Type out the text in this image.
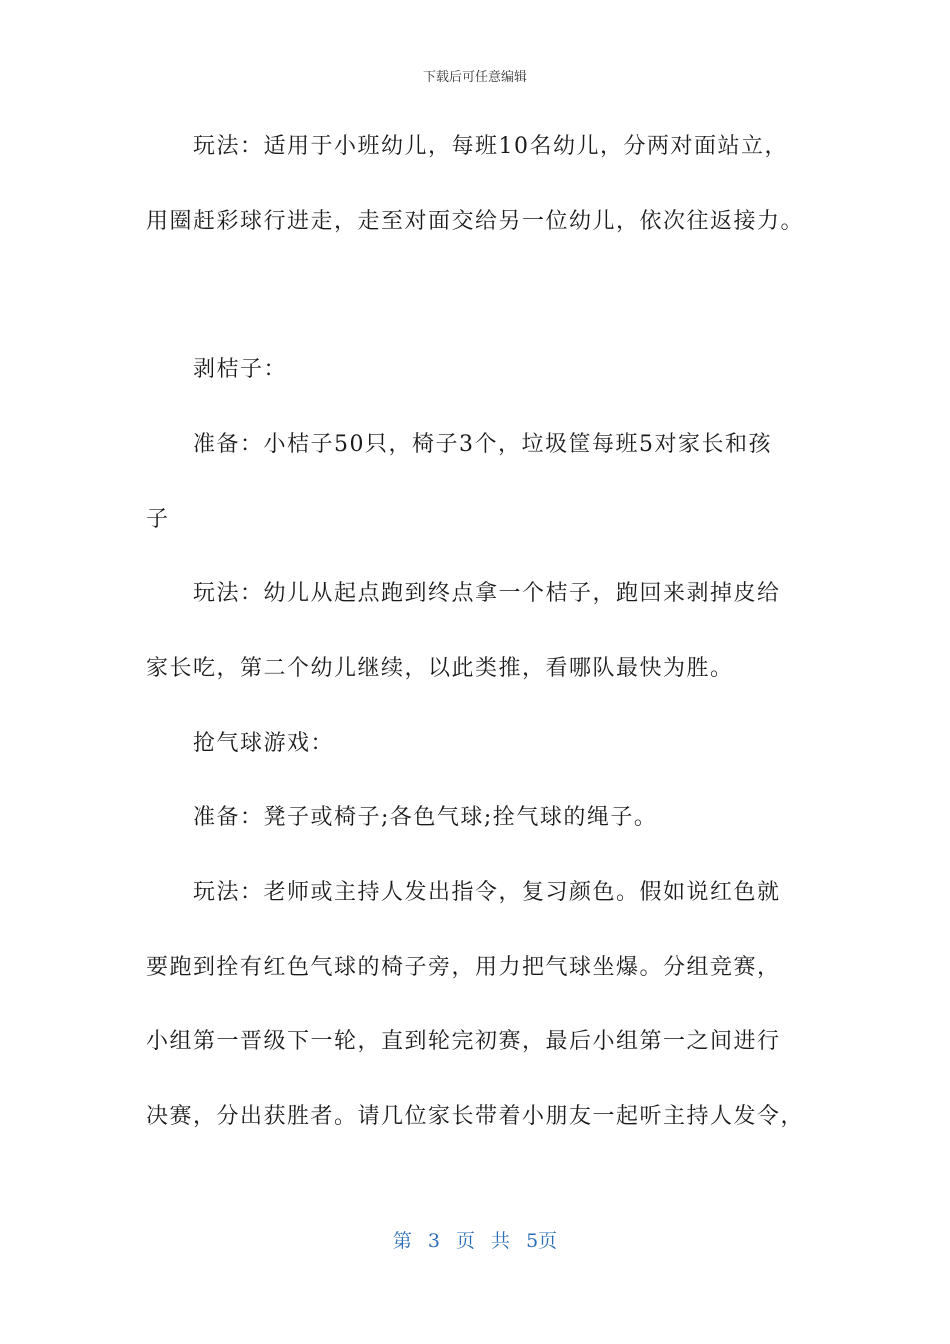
下载后可任意编辑
玩法：适用于小班幼儿，每班10名幼儿，分两对面站立，
用圈赶彩球行进走，走至对面交给另一位幼儿，依次往返接力。
剥桔子：
准备：小桔子50只，椅子3个，垃圾筐每班5对家长和孩
子
玩法：幼儿从起点跑到终点拿一个桔子，跑回来剥掉皮给
家长吃，第二个幼儿继续，以此类推，看哪队最快为胜。
抢气球游戏：
准备：凳子或椅子;各色气球;拴气球的绳子。
玩法：老师或主持人发出指令，复习颜色。假如说红色就
要跑到拴有红色气球的椅子旁，用力把气球坐爆。分组竞赛，
小组第一晋级下一轮，直到轮完初赛，最后小组第一之间进行
决赛，分出获胜者。请几位家长带着小朋友一起听主持人发令，
第 3 页 共 5页
